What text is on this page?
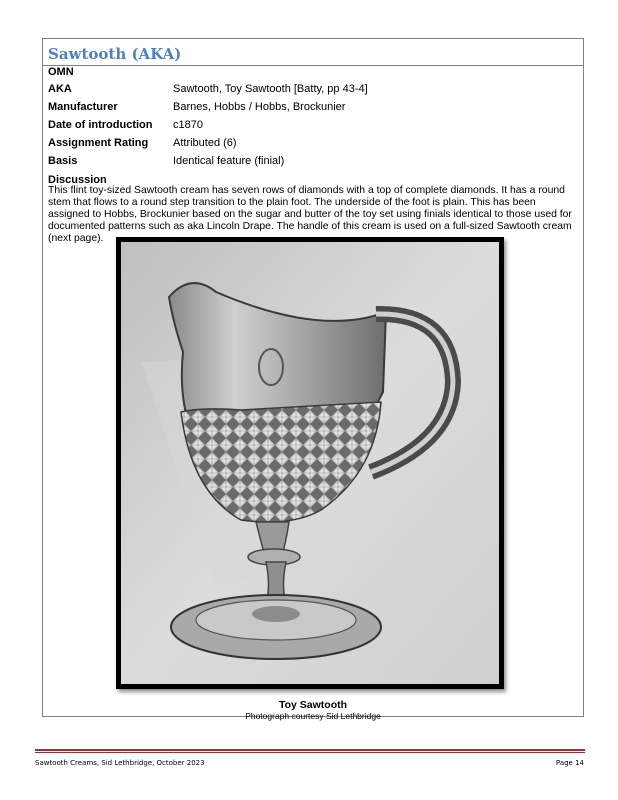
Sawtooth (AKA)
OMN
AKA	Sawtooth, Toy Sawtooth [Batty, pp 43-4]
Manufacturer	Barnes, Hobbs / Hobbs, Brockunier
Date of introduction	c1870
Assignment Rating	Attributed (6)
Basis	Identical feature (finial)
Discussion
This flint toy-sized Sawtooth cream has seven rows of diamonds with a top of complete diamonds. It has a round stem that flows to a round step transition to the plain foot. The underside of the foot is plain. This has been assigned to Hobbs, Brockunier based on the sugar and butter of the toy set using finials identical to those used for documented patterns such as aka Lincoln Drape. The handle of this cream is used on a full-sized Sawtooth cream (next page).
Toy Sawtooth
Photograph courtesy Sid Lethbridge
Sawtooth Creams, Sid Lethbridge, October 2023	Page 14
